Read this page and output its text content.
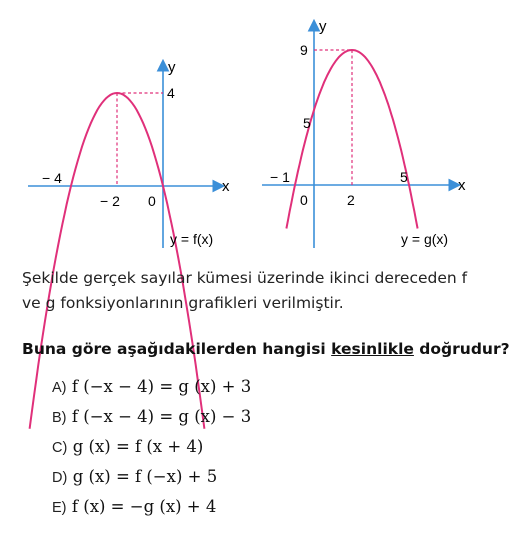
y
x
− 4
− 2 0
4
y = f(x)
y
x
9
5
− 1
0	2
5
y = g(x)
Şekilde gerçek sayılar kümesi üzerinde ikinci dereceden f ve g fonksiyonlarının grafikleri verilmiştir.
Buna göre aşağıdakilerden hangisi kesinlikle doğrudur?
A) f (−x − 4) = g (x) + 3
B) f (−x − 4) = g (x) − 3
C) g (x) = f (x + 4)
D) g (x) = f (−x) + 5
E) f (x) = −g (x) + 4
